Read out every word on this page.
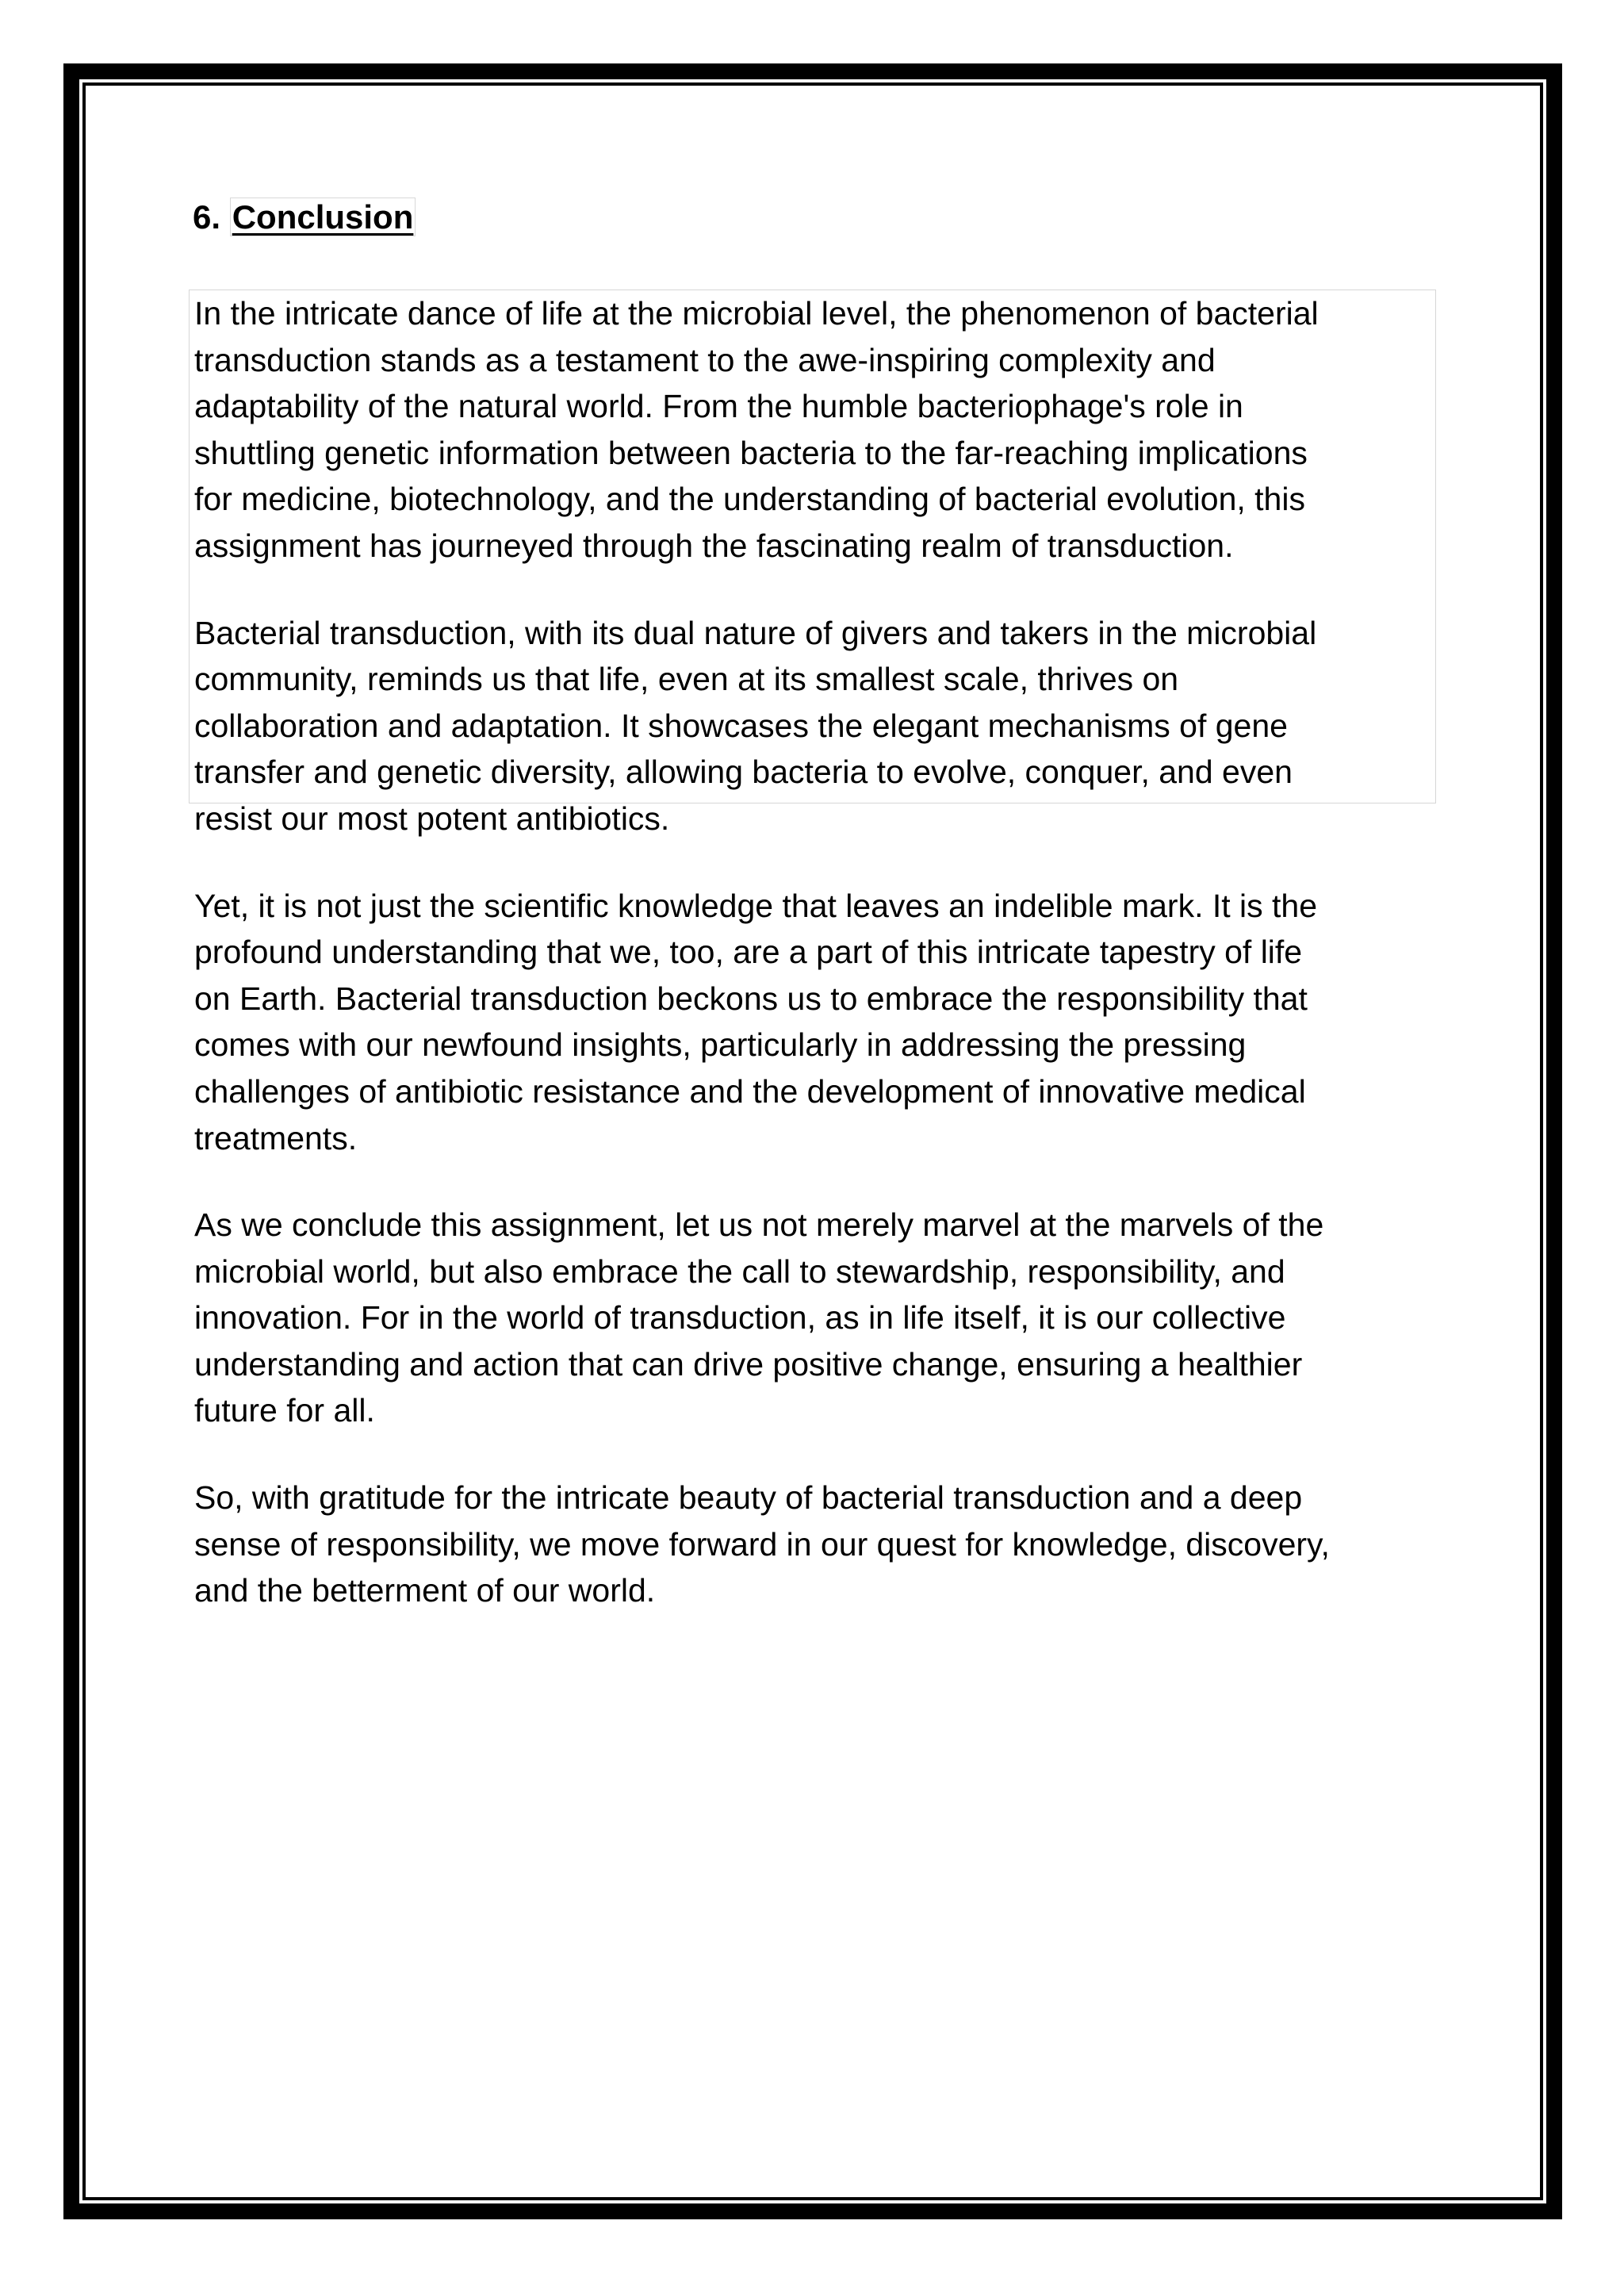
6. Conclusion

In the intricate dance of life at the microbial level, the phenomenon of bacterial
transduction stands as a testament to the awe-inspiring complexity and
adaptability of the natural world. From the humble bacteriophage's role in
shuttling genetic information between bacteria to the far-reaching implications
for medicine, biotechnology, and the understanding of bacterial evolution, this
assignment has journeyed through the fascinating realm of transduction.

Bacterial transduction, with its dual nature of givers and takers in the microbial
community, reminds us that life, even at its smallest scale, thrives on
collaboration and adaptation. It showcases the elegant mechanisms of gene
transfer and genetic diversity, allowing bacteria to evolve, conquer, and even
resist our most potent antibiotics.

Yet, it is not just the scientific knowledge that leaves an indelible mark. It is the
profound understanding that we, too, are a part of this intricate tapestry of life
on Earth. Bacterial transduction beckons us to embrace the responsibility that
comes with our newfound insights, particularly in addressing the pressing
challenges of antibiotic resistance and the development of innovative medical
treatments.

As we conclude this assignment, let us not merely marvel at the marvels of the
microbial world, but also embrace the call to stewardship, responsibility, and
innovation. For in the world of transduction, as in life itself, it is our collective
understanding and action that can drive positive change, ensuring a healthier
future for all.

So, with gratitude for the intricate beauty of bacterial transduction and a deep
sense of responsibility, we move forward in our quest for knowledge, discovery,
and the betterment of our world.
